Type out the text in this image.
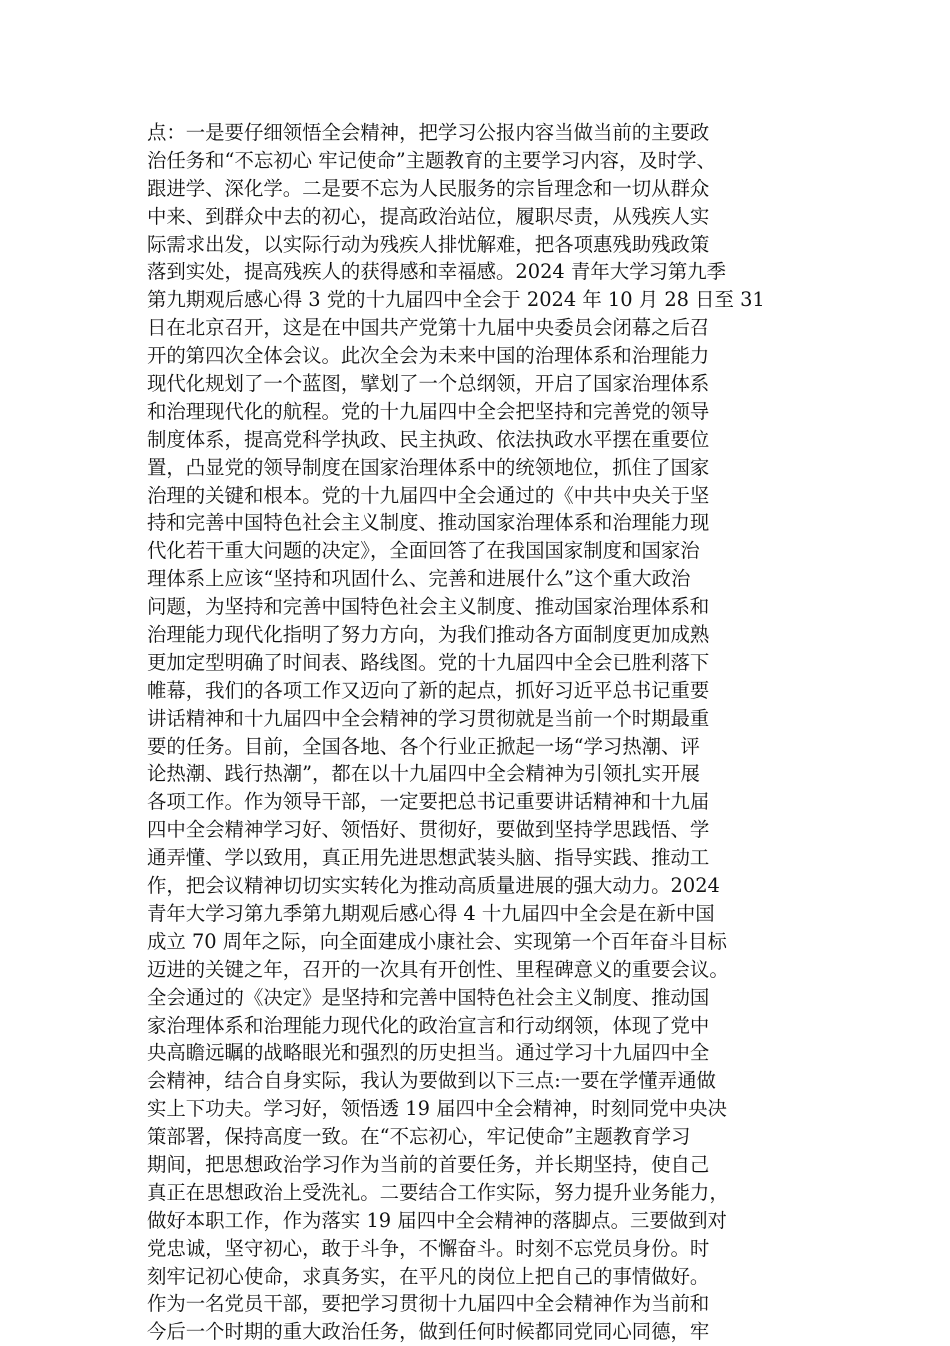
点：一是要仔细领悟全会精神，把学习公报内容当做当前的主要政
治任务和“不忘初心 牢记使命”主题教育的主要学习内容，及时学、
跟进学、深化学。二是要不忘为人民服务的宗旨理念和一切从群众
中来、到群众中去的初心，提高政治站位，履职尽责，从残疾人实
际需求出发，以实际行动为残疾人排忧解难，把各项惠残助残政策
落到实处，提高残疾人的获得感和幸福感。2024 青年大学习第九季
第九期观后感心得 3 党的十九届四中全会于 2024 年 10 月 28 日至 31
日在北京召开，这是在中国共产党第十九届中央委员会闭幕之后召
开的第四次全体会议。此次全会为未来中国的治理体系和治理能力
现代化规划了一个蓝图，擘划了一个总纲领，开启了国家治理体系
和治理现代化的航程。党的十九届四中全会把坚持和完善党的领导
制度体系，提高党科学执政、民主执政、依法执政水平摆在重要位
置，凸显党的领导制度在国家治理体系中的统领地位，抓住了国家
治理的关键和根本。党的十九届四中全会通过的《中共中央关于坚
持和完善中国特色社会主义制度、推动国家治理体系和治理能力现
代化若干重大问题的决定》，全面回答了在我国国家制度和国家治
理体系上应该“坚持和巩固什么、完善和进展什么”这个重大政治
问题，为坚持和完善中国特色社会主义制度、推动国家治理体系和
治理能力现代化指明了努力方向，为我们推动各方面制度更加成熟
更加定型明确了时间表、路线图。党的十九届四中全会已胜利落下
帷幕，我们的各项工作又迈向了新的起点，抓好习近平总书记重要
讲话精神和十九届四中全会精神的学习贯彻就是当前一个时期最重
要的任务。目前，全国各地、各个行业正掀起一场“学习热潮、评
论热潮、践行热潮”，都在以十九届四中全会精神为引领扎实开展
各项工作。作为领导干部，一定要把总书记重要讲话精神和十九届
四中全会精神学习好、领悟好、贯彻好，要做到坚持学思践悟、学
通弄懂、学以致用，真正用先进思想武装头脑、指导实践、推动工
作，把会议精神切切实实转化为推动高质量进展的强大动力。2024
青年大学习第九季第九期观后感心得 4 十九届四中全会是在新中国
成立 70 周年之际，向全面建成小康社会、实现第一个百年奋斗目标
迈进的关键之年，召开的一次具有开创性、里程碑意义的重要会议。
全会通过的《决定》是坚持和完善中国特色社会主义制度、推动国
家治理体系和治理能力现代化的政治宣言和行动纲领，体现了党中
央高瞻远瞩的战略眼光和强烈的历史担当。通过学习十九届四中全
会精神，结合自身实际，我认为要做到以下三点:一要在学懂弄通做
实上下功夫。学习好，领悟透 19 届四中全会精神，时刻同党中央决
策部署，保持高度一致。在“不忘初心，牢记使命”主题教育学习
期间，把思想政治学习作为当前的首要任务，并长期坚持，使自己
真正在思想政治上受洗礼。二要结合工作实际，努力提升业务能力，
做好本职工作，作为落实 19 届四中全会精神的落脚点。三要做到对
党忠诚，坚守初心，敢于斗争，不懈奋斗。时刻不忘党员身份。时
刻牢记初心使命，求真务实，在平凡的岗位上把自己的事情做好。
作为一名党员干部，要把学习贯彻十九届四中全会精神作为当前和
今后一个时期的重大政治任务，做到任何时候都同党同心同德，牢
